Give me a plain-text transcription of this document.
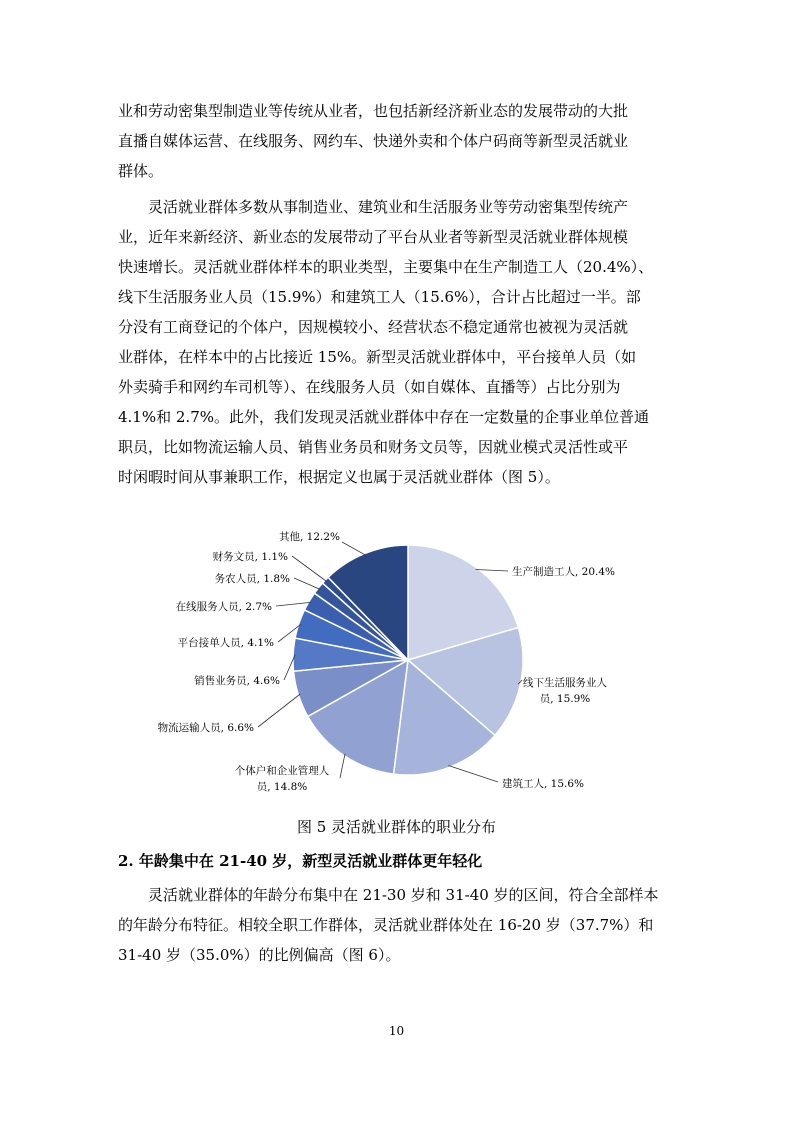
业和劳动密集型制造业等传统从业者，也包括新经济新业态的发展带动的大批
直播自媒体运营、在线服务、网约车、快递外卖和个体户码商等新型灵活就业
群体。
灵活就业群体多数从事制造业、建筑业和生活服务业等劳动密集型传统产
业，近年来新经济、新业态的发展带动了平台从业者等新型灵活就业群体规模
快速增长。灵活就业群体样本的职业类型，主要集中在生产制造工人（20.4%）、
线下生活服务业人员（15.9%）和建筑工人（15.6%），合计占比超过一半。部
分没有工商登记的个体户，因规模较小、经营状态不稳定通常也被视为灵活就
业群体，在样本中的占比接近 15%。新型灵活就业群体中，平台接单人员（如
外卖骑手和网约车司机等）、在线服务人员（如自媒体、直播等）占比分别为
4.1%和 2.7%。此外，我们发现灵活就业群体中存在一定数量的企事业单位普通
职员，比如物流运输人员、销售业务员和财务文员等，因就业模式灵活性或平
时闲暇时间从事兼职工作，根据定义也属于灵活就业群体（图 5）。
生产制造工人, 20.4%
线下生活服务业人员, 15.9%
建筑工人, 15.6%
个体户和企业管理人员, 14.8%
物流运输人员, 6.6%
销售业务员, 4.6%
平台接单人员, 4.1%
在线服务人员, 2.7%
务农人员, 1.8%
财务文员, 1.1%
其他, 12.2%
图 5 灵活就业群体的职业分布
2. 年龄集中在 21-40 岁，新型灵活就业群体更年轻化
灵活就业群体的年龄分布集中在 21-30 岁和 31-40 岁的区间，符合全部样本
的年龄分布特征。相较全职工作群体，灵活就业群体处在 16-20 岁（37.7%）和
31-40 岁（35.0%）的比例偏高（图 6）。
10
